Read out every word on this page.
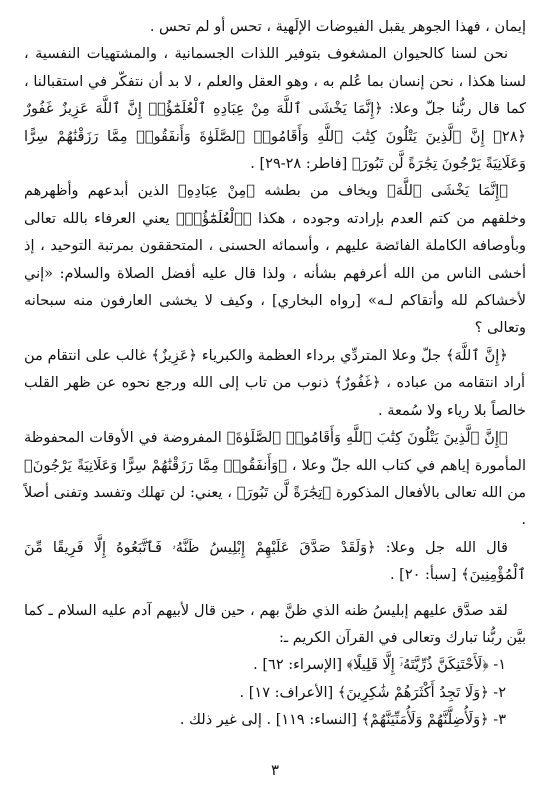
إيمان ، فهذا الجوهر يقبل الفيوضات الإلَهية ، تحس أو لم تحس .

نحن لسنا كالحيوان المشغوف بتوفير اللذات الجسمانية ، والمشتهيات النفسية ، لسنا هكذا ، نحن إنسان بما عُلم به ، وهو العقل والعلم ، لا بد أن نتفكّر في استقبالنا ، كما قال ربُّنا جلّ وعلا: ﴿إِنَّمَا يَخْشَى ٱللَّهَ مِنْ عِبَادِهِ ٱلْعُلَمَٰٓؤُا۟ إِنَّ ٱللَّهَ عَزِيزٌ غَفُورٌ ﴿٢٨﴾ إِنَّ ٱلَّذِينَ يَتْلُونَ كِتَٰبَ ٱللَّهِ وَأَقَامُوا۟ ٱلصَّلَوٰةَ وَأَنفَقُوا۟ مِمَّا رَزَقْنَٰهُمْ سِرًّا وَعَلَانِيَةً يَرْجُونَ تِجَٰرَةً لَّن تَبُورَ﴾ [فاطر: ٢٨-٢٩] .

﴿إِنَّمَا يَخْشَى ٱللَّهَ﴾ ويخاف من بطشه ﴿مِنْ عِبَادِهِ﴾ الذين أبدعهم وأظهرهم وخلقهم من كتم العدم بإرادته وجوده ، هكذا ﴿ٱلْعُلَمَٰٓؤُا۟﴾ يعني العرفاء بالله تعالى وبأوصافه الكاملة الفائضة عليهم ، وأسمائه الحسنى ، المتحققون بمرتبة التوحيد ، إذ أخشى الناس من الله أعرفهم بشأنه ، ولذا قال عليه أفضل الصلاة والسلام: «إني لأخشاكم لله وأتقاكم لـه» [رواه البخاري] ، وكيف لا يخشى العارفون منه سبحانه وتعالى ؟

﴿إِنَّ ٱللَّهَ﴾ جلّ وعلا المتردِّي برداء العظمة والكبرياء ﴿عَزِيزٌ﴾ غالب على انتقام من أراد انتقامه من عباده ، ﴿غَفُورٌ﴾ ذنوب من تاب إلى الله ورجع نحوه عن ظهر القلب خالصاً بلا رياء ولا سُمعة .

﴿إِنَّ ٱلَّذِينَ يَتْلُونَ كِتَٰبَ ٱللَّهِ وَأَقَامُوا۟ ٱلصَّلَوٰةَ﴾ المفروضة في الأوقات المحفوظة المأمورة إياهم في كتاب الله جلّ وعلا ، ﴿وَأَنفَقُوا۟ مِمَّا رَزَقْنَٰهُمْ سِرًّا وَعَلَانِيَةً يَرْجُونَ﴾ من الله تعالى بالأفعال المذكورة ﴿تِجَٰرَةً لَّن تَبُورَ﴾ ، يعني: لن تهلك وتفسد وتفنى أصلاً .

قال الله جل وعلا: ﴿وَلَقَدْ صَدَّقَ عَلَيْهِمْ إِبْلِيسُ ظَنَّهُۥ فَٱتَّبَعُوهُ إِلَّا فَرِيقًا مِّنَ ٱلْمُؤْمِنِينَ﴾ [سبأ: ٢٠] .

لقد صدَّق عليهم إبليسُ ظنه الذي ظنَّ بهم ، حين قال لأبيهم آدم عليه السلام ـ كما بيَّن ربُّنا تبارك وتعالى في القرآن الكريم ـ:

١- ﴿لَأَحْتَنِكَنَّ ذُرِّيَّتَهُۥٓ إِلَّا قَلِيلًا﴾ [الإسراء: ٦٢] .

٢- ﴿وَلَا تَجِدُ أَكْثَرَهُمْ شَٰكِرِينَ﴾ [الأعراف: ١٧] .

٣- ﴿وَلَأُضِلَّنَّهُمْ وَلَأُمَنِّيَنَّهُمْ﴾ [النساء: ١١٩] . إلى غير ذلك .

٣
